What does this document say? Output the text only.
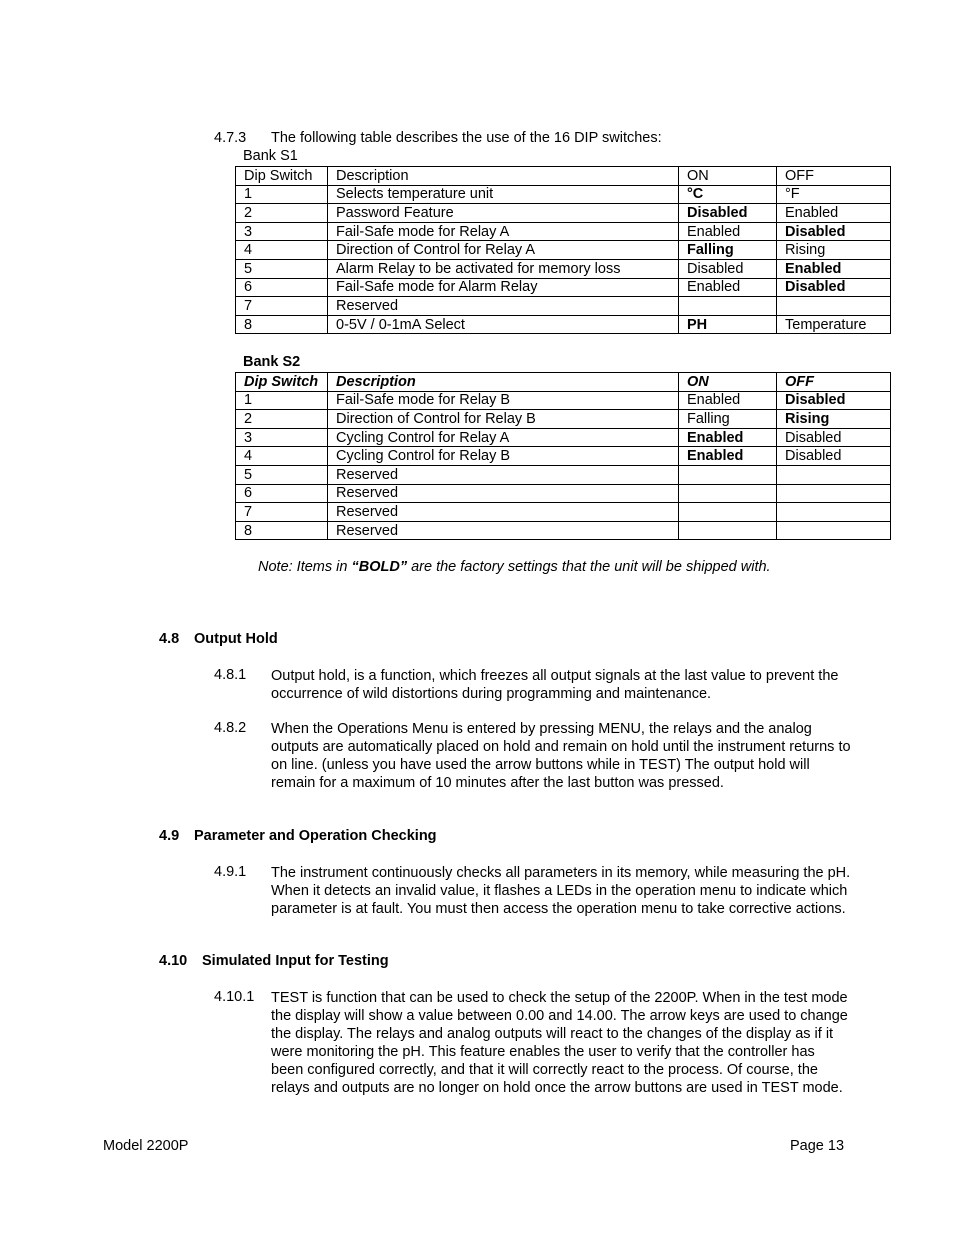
4.7.3 The following table describes the use of the 16 DIP switches:
Bank S1
Dip Switch	Description	ON	OFF
1	Selects temperature unit	°C	°F
2	Password Feature	Disabled	Enabled
3	Fail-Safe mode for Relay A	Enabled	Disabled
4	Direction of Control for Relay A	Falling	Rising
5	Alarm Relay to be activated for memory loss	Disabled	Enabled
6	Fail-Safe mode for Alarm Relay	Enabled	Disabled
7	Reserved		
8	0-5V / 0-1mA Select	PH	Temperature
Bank S2
Dip Switch	Description	ON	OFF
1	Fail-Safe mode for Relay B	Enabled	Disabled
2	Direction of Control for Relay B	Falling	Rising
3	Cycling Control for Relay A	Enabled	Disabled
4	Cycling Control for Relay B	Enabled	Disabled
5	Reserved		
6	Reserved		
7	Reserved		
8	Reserved		
Note: Items in “BOLD” are the factory settings that the unit will be shipped with.
4.8 Output Hold
4.8.1 Output hold, is a function, which freezes all output signals at the last value to prevent the occurrence of wild distortions during programming and maintenance.
4.8.2 When the Operations Menu is entered by pressing MENU, the relays and the analog outputs are automatically placed on hold and remain on hold until the instrument returns to on line. (unless you have used the arrow buttons while in TEST) The output hold will remain for a maximum of 10 minutes after the last button was pressed.
4.9 Parameter and Operation Checking
4.9.1 The instrument continuously checks all parameters in its memory, while measuring the pH. When it detects an invalid value, it flashes a LEDs in the operation menu to indicate which parameter is at fault. You must then access the operation menu to take corrective actions.
4.10 Simulated Input for Testing
4.10.1 TEST is function that can be used to check the setup of the 2200P. When in the test mode the display will show a value between 0.00 and 14.00. The arrow keys are used to change the display. The relays and analog outputs will react to the changes of the display as if it were monitoring the pH. This feature enables the user to verify that the controller has been configured correctly, and that it will correctly react to the process. Of course, the relays and outputs are no longer on hold once the arrow buttons are used in TEST mode.
Model 2200P	Page 13
